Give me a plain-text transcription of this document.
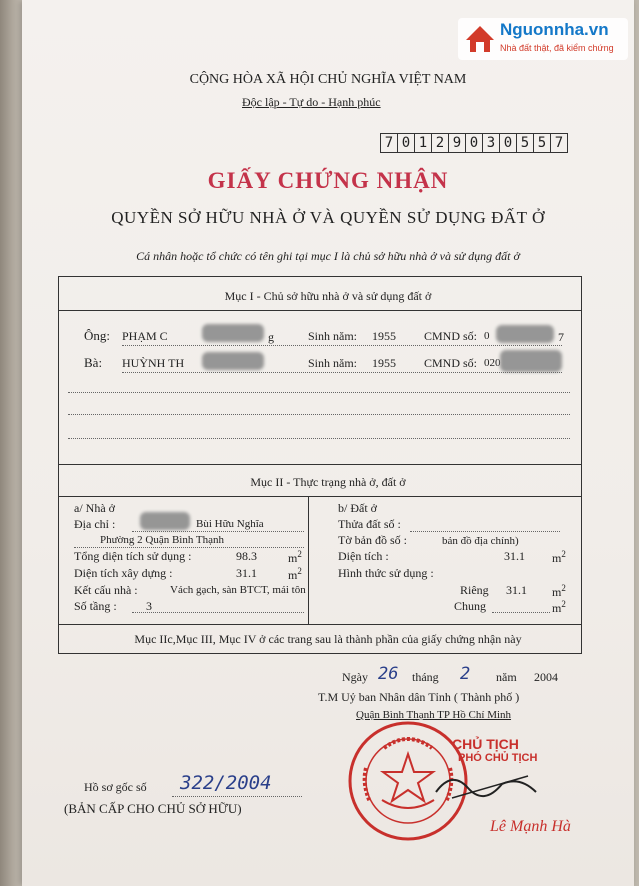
Nguonnha.vn
Nhà đất thật, đã kiểm chứng
CỘNG HÒA XÃ HỘI CHỦ NGHĨA VIỆT NAM
Độc lập - Tự do - Hạnh phúc
7 0 1 2 9 0 3 0 5 5 7
GIẤY CHỨNG NHẬN
QUYỀN SỞ HỮU NHÀ Ở VÀ QUYỀN SỬ DỤNG ĐẤT Ở
Cá nhân hoặc tổ chức có tên ghi tại mục I là chủ sở hữu nhà ở và sử dụng đất ở
Mục I - Chủ sở hữu nhà ở và sử dụng đất ở
Ông: PHẠM C	g	Sinh năm: 1955 CMND số: 0	7
Bà: HUỲNH TH	Sinh năm: 1955 CMND số: 020
Mục II - Thực trạng nhà ở, đất ở
a/ Nhà ở
Địa chỉ :	Bùi Hữu Nghĩa
Phường 2 Quận Bình Thạnh
Tổng diện tích sử dụng :	98.3	$m^2$
Diện tích xây dựng :	31.1	$m^2$
Kết cấu nhà :	Vách gạch, sàn BTCT, mái tôn
Số tầng : 3
b/ Đất ở
Thửa đất số :
Tờ bản đồ số :	bản đồ địa chính)
Diện tích :	31.1 $m^2$
Hình thức sử dụng :
Riêng 31.1 $m^2$
Chung	$m^2$
Mục IIc,Mục III, Mục IV ở các trang sau là thành phần của giấy chứng nhận này
Ngày 26 tháng 2 năm 2004
T.M Uỷ ban Nhân dân Tỉnh ( Thành phố )
Quận Bình Thạnh TP Hồ Chí Minh
CHỦ TỊCH
PHÓ CHỦ TỊCH
Lê Mạnh Hà
Hồ sơ gốc số 322/2004
(BẢN CẤP CHO CHỦ SỞ HỮU)
